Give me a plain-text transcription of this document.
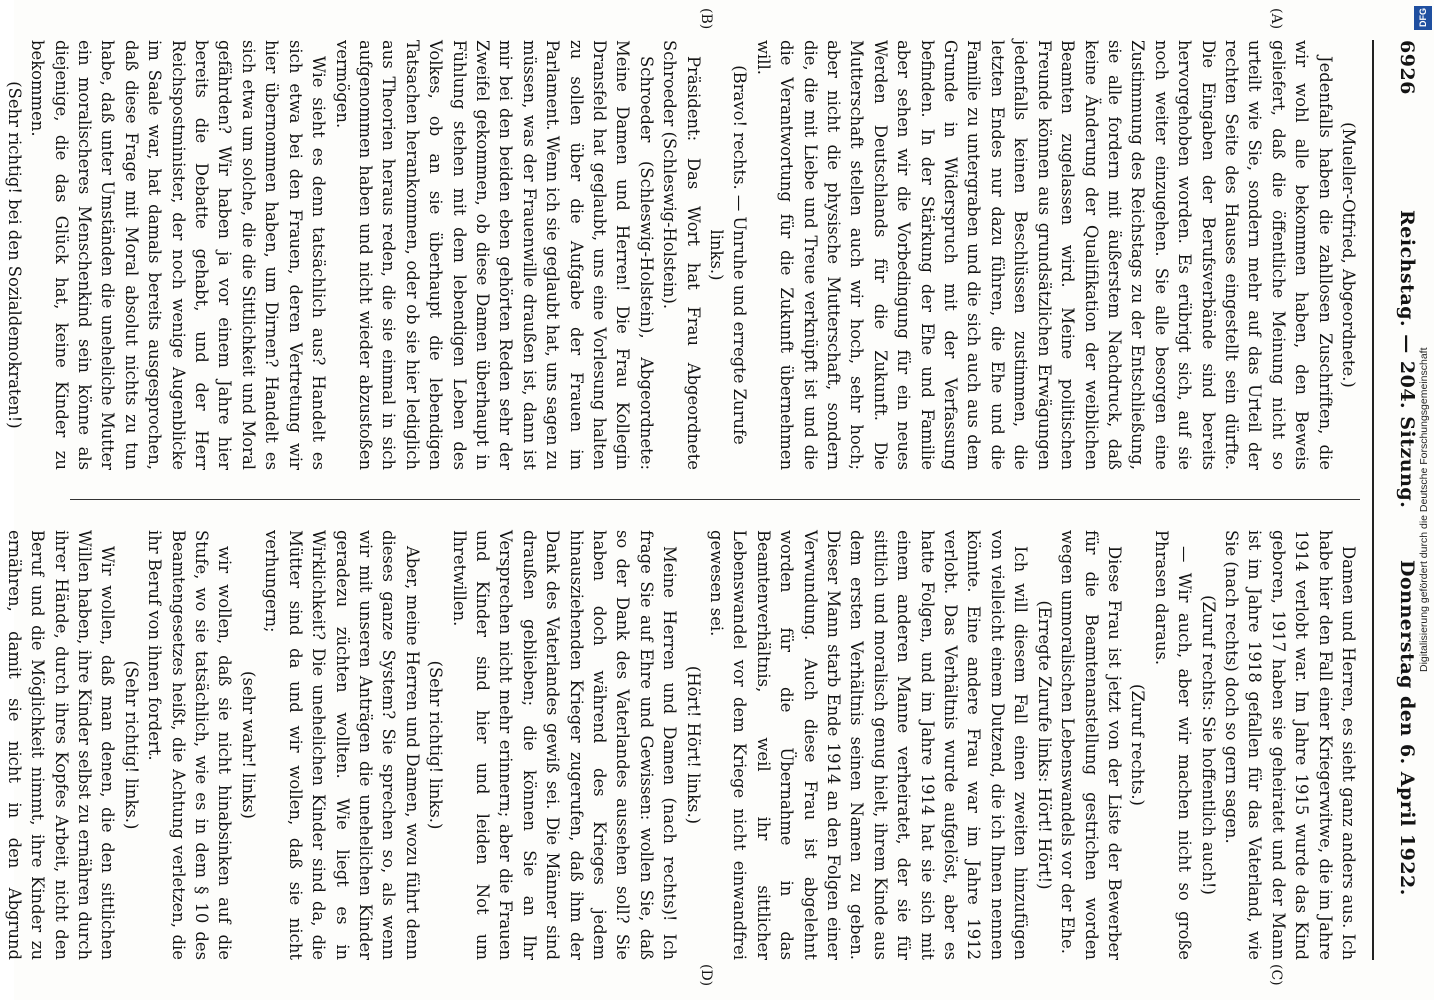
6926
Reichstag. — 204. Sitzung.
Donnerstag den 6. April 1922.
(A)
(B)
(C)
(D)

(Mueller-Otfried, Abgeordnete.)

Jedenfalls haben die zahllosen Zuschriften, die wir wohl alle bekommen haben, den Beweis geliefert, daß die öffentliche Meinung nicht so urteilt wie Sie, sondern mehr auf das Urteil der rechten Seite des Hauses eingestellt sein dürfte. Die Eingaben der Berufsverbände sind bereits hervorgehoben worden. Es erübrigt sich, auf sie noch weiter einzugehen. Sie alle besorgen eine Zustimmung des Reichstags zu der Entschließung, sie alle fordern mit äußerstem Nachdruck, daß keine Änderung der Qualifikation der weiblichen Beamten zugelassen wird. Meine politischen Freunde können aus grundsätzlichen Erwägungen jedenfalls keinen Beschlüssen zustimmen, die letzten Endes nur dazu führen, die Ehe und die Familie zu untergraben und die sich auch aus dem Grunde in Widerspruch mit der Verfassung befinden. In der Stärkung der Ehe und Familie aber sehen wir die Vorbedingung für ein neues Werden Deutschlands für die Zukunft. Die Mutterschaft stellen auch wir hoch, sehr hoch; aber nicht die physische Mutterschaft, sondern die, die mit Liebe und Treue verknüpft ist und die die Verantwortung für die Zukunft übernehmen will.

(Bravo! rechts. — Unruhe und erregte Zurufe links.)

Präsident: Das Wort hat Frau Abgeordnete Schroeder (Schleswig-Holstein).

Schroeder (Schleswig-Holstein), Abgeordnete: Meine Damen und Herren! Die Frau Kollegin Dransfeld hat geglaubt, uns eine Vorlesung halten zu sollen über die Aufgabe der Frauen im Parlament. Wenn ich sie geglaubt hat, uns sagen zu müssen, was der Frauenwille draußen ist, dann ist mir bei den beiden eben gehörten Reden sehr der Zweifel gekommen, ob diese Damen überhaupt in Fühlung stehen mit dem lebendigen Leben des Volkes, ob an sie überhaupt die lebendigen Tatsachen herankommen, oder ob sie hier lediglich aus Theorien heraus reden, die sie einmal in sich aufgenommen haben und nicht wieder abzustoßen vermögen.

Wie sieht es denn tatsächlich aus? Handelt es sich etwa bei den Frauen, deren Vertretung wir hier übernommen haben, um Dirnen? Handelt es sich etwa um solche, die die Sittlichkeit und Moral gefährden? Wir haben ja vor einem Jahre hier bereits die Debatte gehabt, und der Herr Reichspostminister, der noch wenige Augenblicke im Saale war, hat damals bereits ausgesprochen, daß diese Frage mit Moral absolut nichts zu tun habe, daß unter Umständen die uneheliche Mutter ein moralischeres Menschenkind sein könne als diejenige, die das Glück hat, keine Kinder zu bekommen.

(Sehr richtig! bei den Sozialdemokraten!)

Damen und Herren, es sieht ganz anders aus. Ich habe hier den Fall einer Kriegerwitwe, die im Jahre 1914 verlobt war. Im Jahre 1915 wurde das Kind geboren, 1917 haben sie geheiratet und der Mann ist im Jahre 1918 gefallen für das Vaterland, wie Sie (nach rechts) doch so gern sagen.

(Zuruf rechts: Sie hoffentlich auch!)

— Wir auch, aber wir machen nicht so große Phrasen daraus.

(Zuruf rechts.)

Diese Frau ist jetzt von der Liste der Bewerber für die Beamtenanstellung gestrichen worden wegen unmoralischen Lebenswandels vor der Ehe.

(Erregte Zurufe links: Hört! Hört!)

Ich will diesem Fall einen zweiten hinzufügen von vielleicht einem Dutzend, die ich Ihnen nennen könnte. Eine andere Frau war im Jahre 1912 verlobt. Das Verhältnis wurde aufgelöst, aber es hatte Folgen, und im Jahre 1914 hat sie sich mit einem anderen Manne verheiratet, der sie für sittlich und moralisch genug hielt, ihrem Kinde aus dem ersten Verhältnis seinen Namen zu geben. Dieser Mann starb Ende 1914 an den Folgen einer Verwundung. Auch diese Frau ist abgelehnt worden für die Übernahme in das Beamtenverhältnis, weil ihr sittlicher Lebenswandel vor dem Kriege nicht einwandfrei gewesen sei.

(Hört! Hört! links.)

Meine Herren und Damen (nach rechts)! Ich frage Sie auf Ehre und Gewissen: wollen Sie, daß so der Dank des Vaterlandes aussehen soll? Sie haben doch während des Krieges jedem hinausziehenden Krieger zugerufen, daß ihm der Dank des Vaterlandes gewiß sei. Die Männer sind draußen geblieben; die können Sie an Ihr Versprechen nicht mehr erinnern; aber die Frauen und Kinder sind hier und leiden Not um Ihretwillen.

(Sehr richtig! links.)

Aber, meine Herren und Damen, wozu führt denn dieses ganze System? Sie sprechen so, als wenn wir mit unseren Anträgen die unehelichen Kinder geradezu züchten wollten. Wie liegt es in Wirklichkeit? Die unehelichen Kinder sind da, die Mütter sind da und wir wollen, daß sie nicht verhungern;

(sehr wahr! links)

wir wollen, daß sie nicht hinabsinken auf die Stufe, wo sie tatsächlich, wie es in dem § 10 des Beamtengesetzes heißt, die Achtung verletzen, die ihr Beruf von ihnen fordert.

(Sehr richtig! links.)

Wir wollen, daß man denen, die den sittlichen Willen haben, ihre Kinder selbst zu ernähren durch ihrer Hände, durch ihres Kopfes Arbeit, nicht den Beruf und die Möglichkeit nimmt, ihre Kinder zu ernähren, damit sie nicht in den Abgrund

DFG
Digitalisierung gefördert durch die Deutsche Forschungsgemeinschaft
